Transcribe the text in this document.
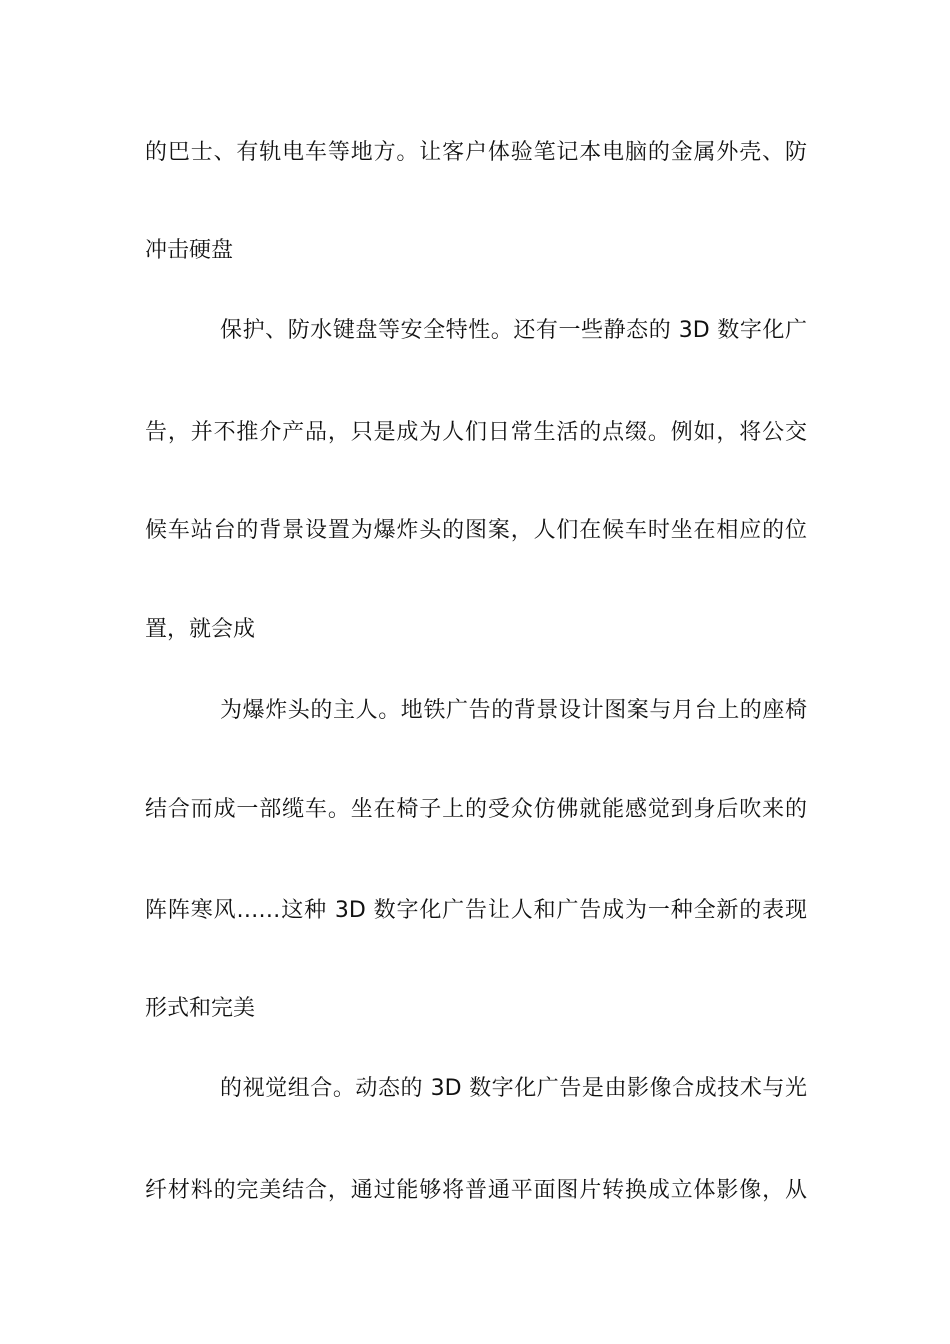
的巴士、有轨电车等地方。让客户体验笔记本电脑的金属外壳、防
冲击硬盘
保护、防水键盘等安全特性。还有一些静态的 3D 数字化广
告，并不推介产品，只是成为人们日常生活的点缀。例如，将公交
候车站台的背景设置为爆炸头的图案，人们在候车时坐在相应的位
置，就会成
为爆炸头的主人。地铁广告的背景设计图案与月台上的座椅
结合而成一部缆车。坐在椅子上的受众仿佛就能感觉到身后吹来的
阵阵寒风……这种 3D 数字化广告让人和广告成为一种全新的表现
形式和完美
的视觉组合。动态的 3D 数字化广告是由影像合成技术与光
纤材料的完美结合，通过能够将普通平面图片转换成立体影像，从
